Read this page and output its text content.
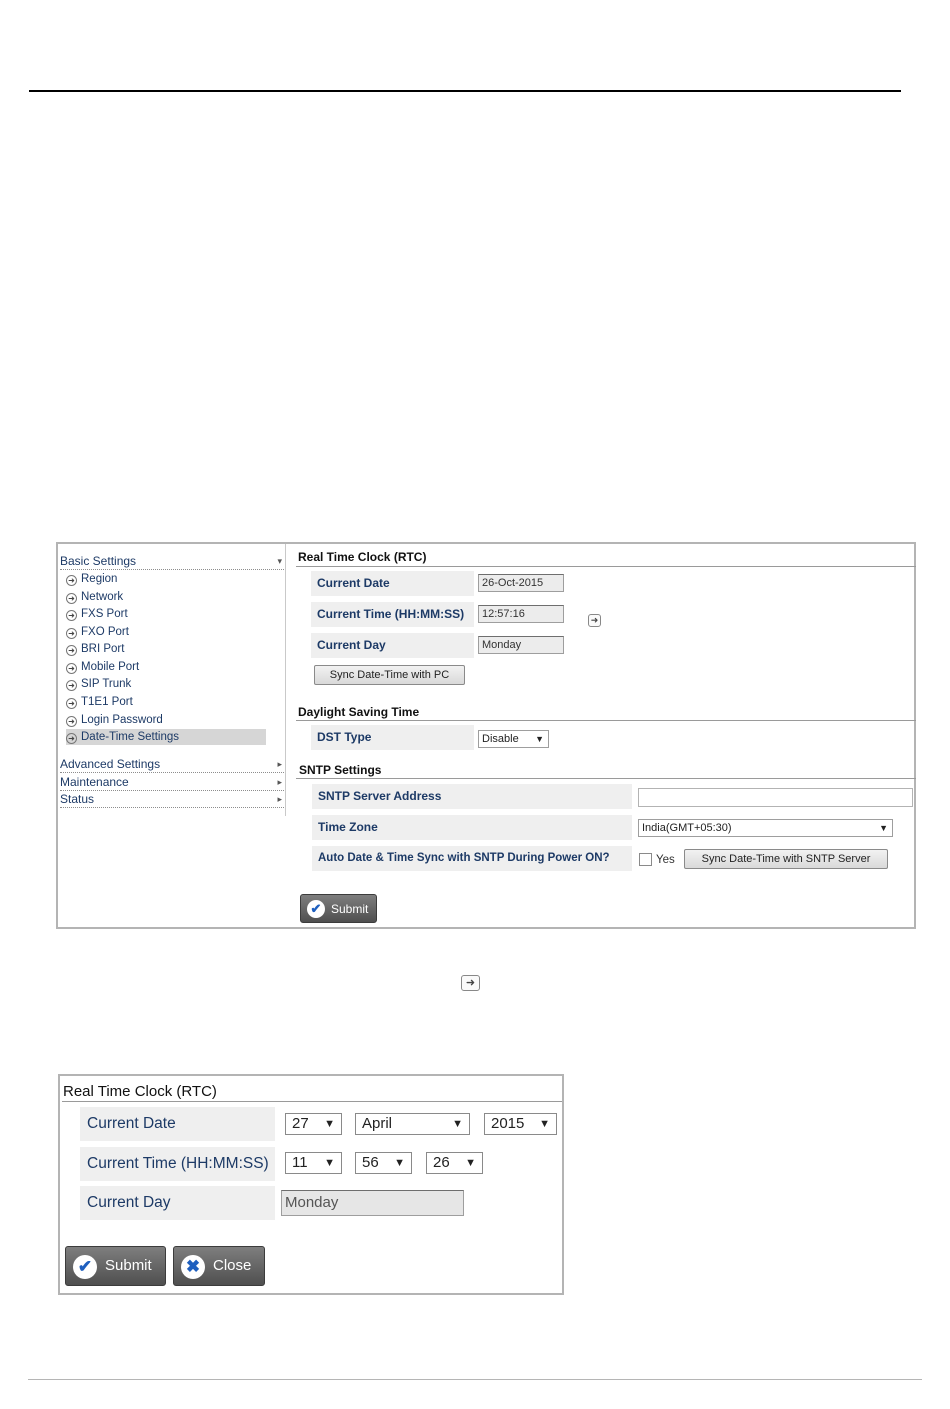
Basic Settings	▾
➜ Region
➜ Network
➜ FXS Port
➜ FXO Port
➜ BRI Port
➜ Mobile Port
➜ SIP Trunk
➜ T1E1 Port
➜ Login Password
➜ Date-Time Settings
Advanced Settings	▸
Maintenance	▸
Status	▸
Real Time Clock (RTC)
Current Date	26-Oct-2015
Current Time (HH:MM:SS)	12:57:16	➜
Current Day	Monday
Sync Date-Time with PC
Daylight Saving Time
DST Type	Disable ▼
SNTP Settings
SNTP Server Address
Time Zone	India(GMT+05:30)	▼
Auto Date & Time Sync with SNTP During Power ON?	Yes	Sync Date-Time with SNTP Server
✔ Submit
➜
Real Time Clock (RTC)
Current Date	27 ▼	April	▼	2015 ▼
Current Time (HH:MM:SS)	11 ▼	56 ▼	26 ▼
Current Day	Monday
✔ Submit ✖ Close
